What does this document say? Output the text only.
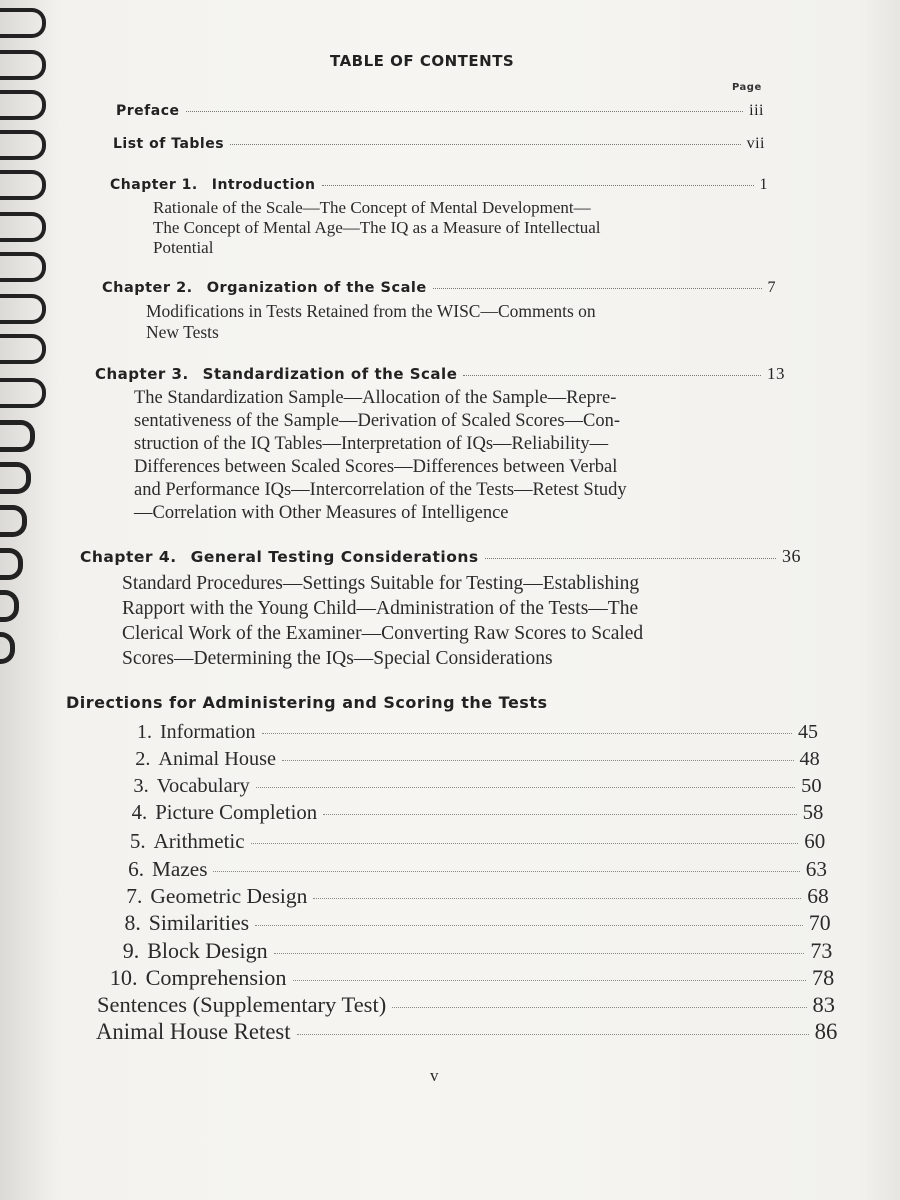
TABLE OF CONTENTS
Page
Preface	iii
List of Tables	vii
Chapter 1. Introduction	1
Rationale of the Scale—The Concept of Mental Development—
The Concept of Mental Age—The IQ as a Measure of Intellectual
Potential
Chapter 2. Organization of the Scale	7
Modifications in Tests Retained from the WISC—Comments on
New Tests
Chapter 3. Standardization of the Scale	13
The Standardization Sample—Allocation of the Sample—Repre-
sentativeness of the Sample—Derivation of Scaled Scores—Con-
struction of the IQ Tables—Interpretation of IQs—Reliability—
Differences between Scaled Scores—Differences between Verbal
and Performance IQs—Intercorrelation of the Tests—Retest Study
—Correlation with Other Measures of Intelligence
Chapter 4. General Testing Considerations	36
Standard Procedures—Settings Suitable for Testing—Establishing
Rapport with the Young Child—Administration of the Tests—The
Clerical Work of the Examiner—Converting Raw Scores to Scaled
Scores—Determining the IQs—Special Considerations
Directions for Administering and Scoring the Tests
1. Information	45
2. Animal House	48
3. Vocabulary	50
4. Picture Completion	58
5. Arithmetic	60
6. Mazes	63
7. Geometric Design	68
8. Similarities	70
9. Block Design	73
10. Comprehension	78
Sentences (Supplementary Test)	83
Animal House Retest	86
v
